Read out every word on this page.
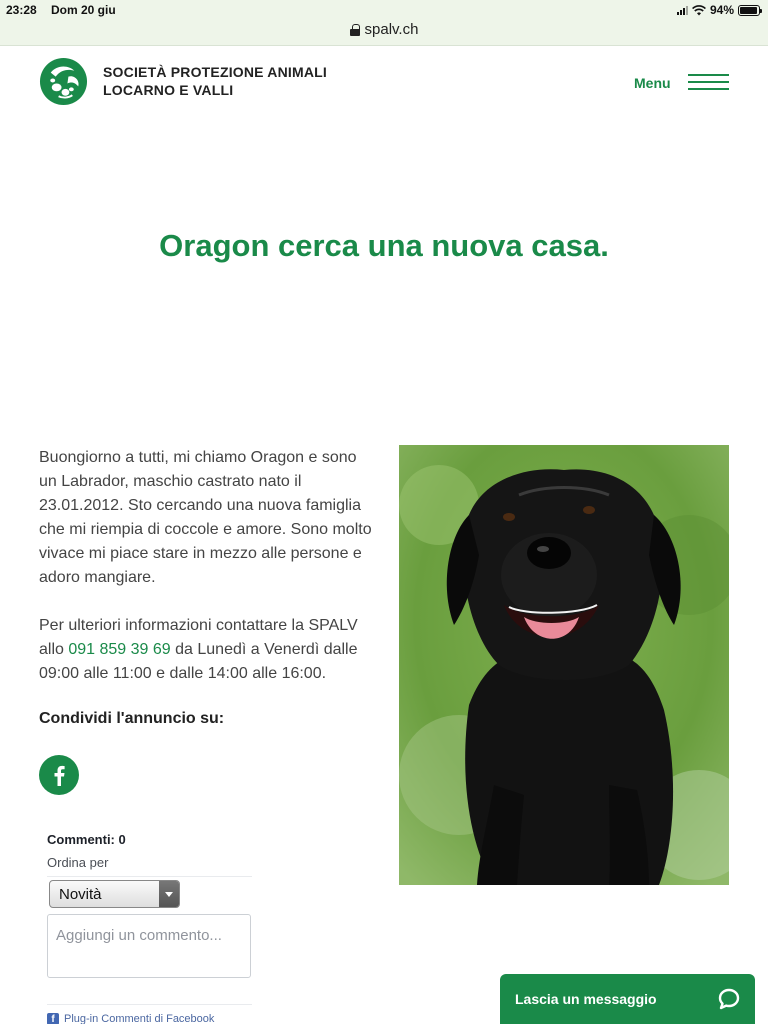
23:28 Dom 20 giu	94%
spalv.ch
SOCIETÀ PROTEZIONE ANIMALI
LOCARNO E VALLI	Menu
Oragon cerca una nuova casa.

Buongiorno a tutti, mi chiamo Oragon e sono un Labrador, maschio castrato nato il 23.01.2012. Sto cercando una nuova famiglia che mi riempia di coccole e amore. Sono molto vivace mi piace stare in mezzo alle persone e adoro mangiare.

Per ulteriori informazioni contattare la SPALV allo 091 859 39 69 da Lunedì a Venerdì dalle 09:00 alle 11:00 e dalle 14:00 alle 16:00.

Condividi l'annuncio su:
Commenti: 0
Ordina per
Novità
Aggiungi un commento...
f Plug-in Commenti di Facebook
Lascia un messaggio
